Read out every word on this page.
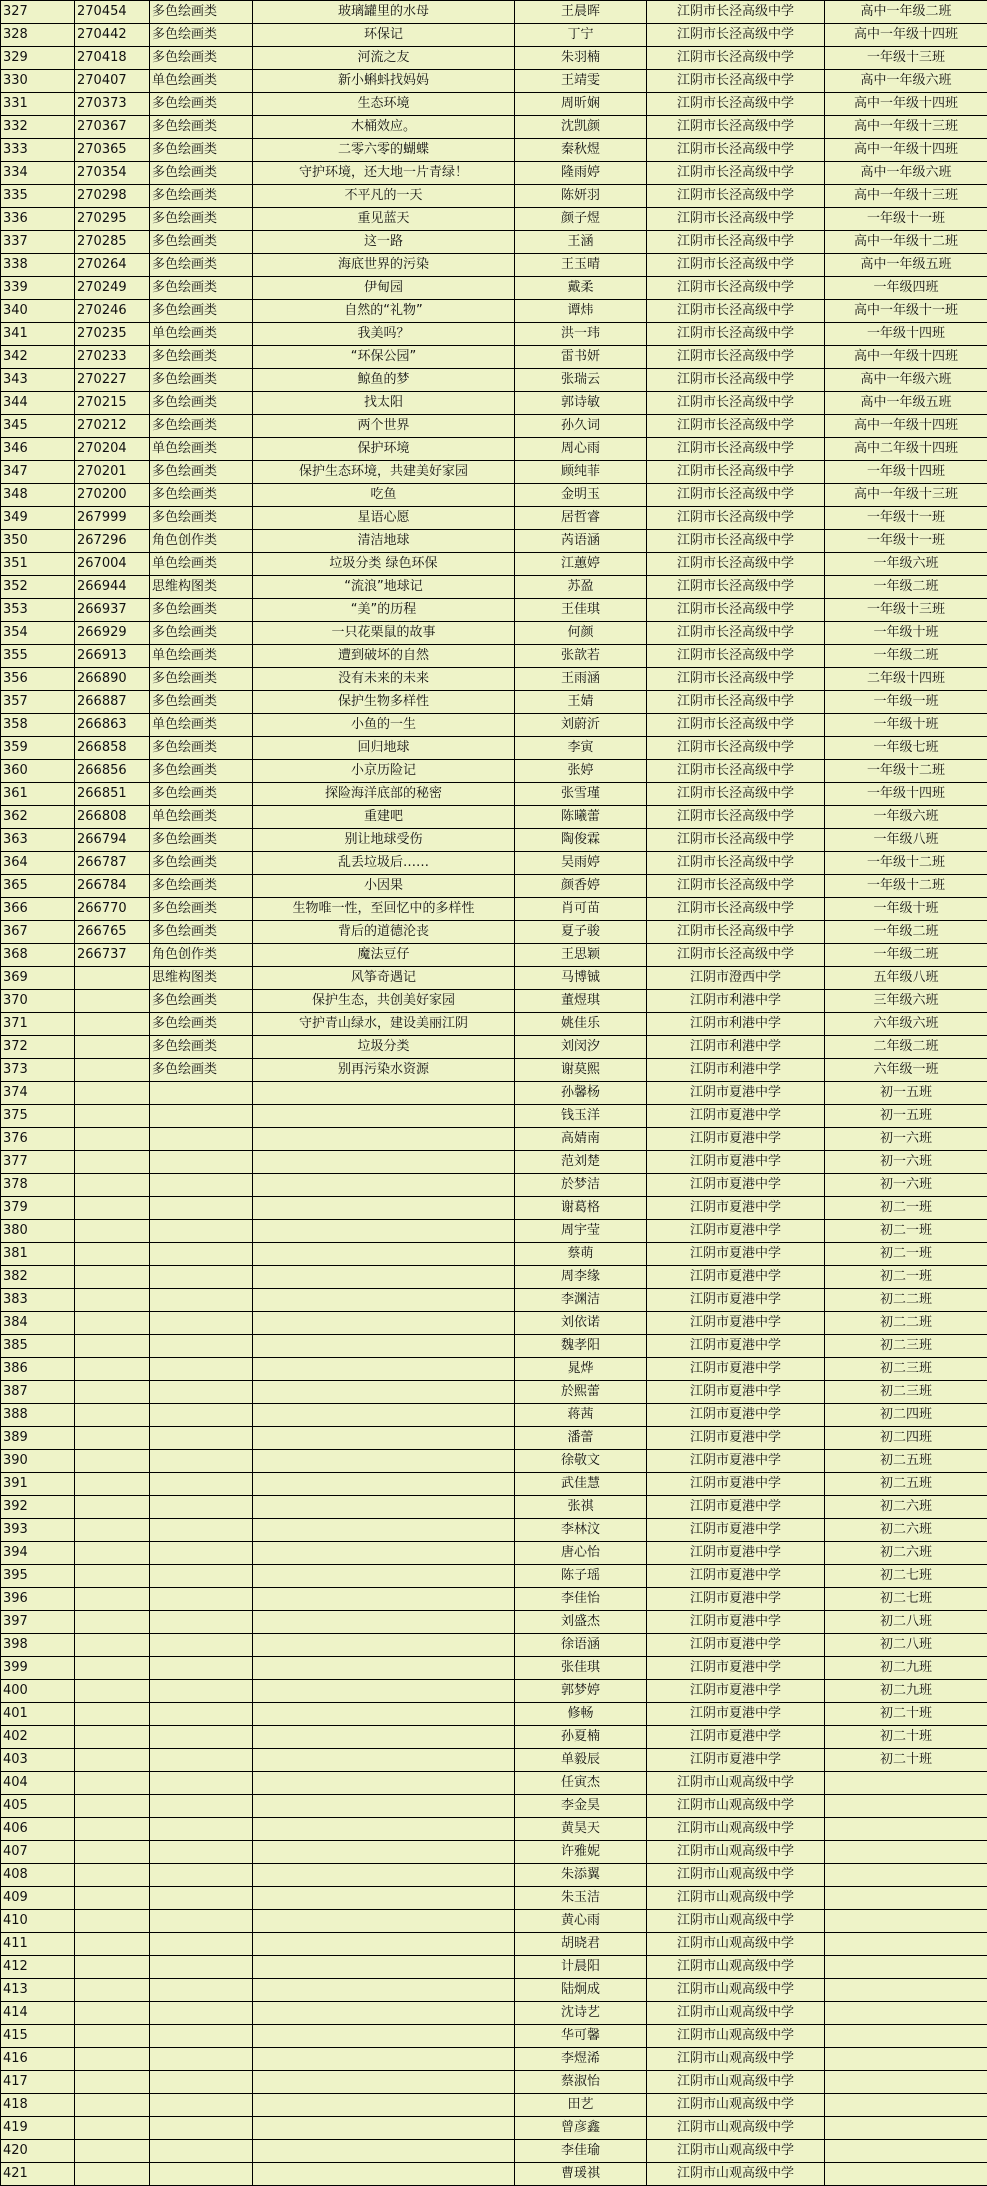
327	270454	多色绘画类	玻璃罐里的水母	王晨晖	江阴市长泾高级中学	高中一年级二班
328	270442	多色绘画类	环保记	丁宁	江阴市长泾高级中学	高中一年级十四班
329	270418	多色绘画类	河流之友	朱羽楠	江阴市长泾高级中学	一年级十三班
330	270407	单色绘画类	新小蝌蚪找妈妈	王靖雯	江阴市长泾高级中学	高中一年级六班
331	270373	多色绘画类	生态环境	周昕娴	江阴市长泾高级中学	高中一年级十四班
332	270367	多色绘画类	木桶效应。	沈凯颜	江阴市长泾高级中学	高中一年级十三班
333	270365	多色绘画类	二零六零的蝴蝶	秦秋煜	江阴市长泾高级中学	高中一年级十四班
334	270354	多色绘画类	守护环境，还大地一片青绿！	隆雨婷	江阴市长泾高级中学	高中一年级六班
335	270298	多色绘画类	不平凡的一天	陈妍羽	江阴市长泾高级中学	高中一年级十三班
336	270295	多色绘画类	重见蓝天	颜子煜	江阴市长泾高级中学	一年级十一班
337	270285	多色绘画类	这一路	王涵	江阴市长泾高级中学	高中一年级十二班
338	270264	多色绘画类	海底世界的污染	王玉晴	江阴市长泾高级中学	高中一年级五班
339	270249	多色绘画类	伊甸园	戴柔	江阴市长泾高级中学	一年级四班
340	270246	多色绘画类	自然的“礼物”	谭炜	江阴市长泾高级中学	高中一年级十一班
341	270235	单色绘画类	我美吗？	洪一玮	江阴市长泾高级中学	一年级十四班
342	270233	多色绘画类	“环保公园”	雷书妍	江阴市长泾高级中学	高中一年级十四班
343	270227	多色绘画类	鲸鱼的梦	张瑞云	江阴市长泾高级中学	高中一年级六班
344	270215	多色绘画类	找太阳	郭诗敏	江阴市长泾高级中学	高中一年级五班
345	270212	多色绘画类	两个世界	孙久词	江阴市长泾高级中学	高中一年级十四班
346	270204	单色绘画类	保护环境	周心雨	江阴市长泾高级中学	高中二年级十四班
347	270201	多色绘画类	保护生态环境，共建美好家园	顾纯菲	江阴市长泾高级中学	一年级十四班
348	270200	多色绘画类	吃鱼	金明玉	江阴市长泾高级中学	高中一年级十三班
349	267999	多色绘画类	星语心愿	居哲睿	江阴市长泾高级中学	一年级十一班
350	267296	角色创作类	清洁地球	芮语涵	江阴市长泾高级中学	一年级十一班
351	267004	单色绘画类	垃圾分类 绿色环保	江蕙婷	江阴市长泾高级中学	一年级六班
352	266944	思维构图类	“流浪”地球记	苏盈	江阴市长泾高级中学	一年级二班
353	266937	多色绘画类	“美”的历程	王佳琪	江阴市长泾高级中学	一年级十三班
354	266929	多色绘画类	一只花栗鼠的故事	何颜	江阴市长泾高级中学	一年级十班
355	266913	单色绘画类	遭到破坏的自然	张歆若	江阴市长泾高级中学	一年级二班
356	266890	多色绘画类	没有未来的未来	王雨涵	江阴市长泾高级中学	二年级十四班
357	266887	多色绘画类	保护生物多样性	王婧	江阴市长泾高级中学	一年级一班
358	266863	单色绘画类	小鱼的一生	刘蔚沂	江阴市长泾高级中学	一年级十班
359	266858	多色绘画类	回归地球	李寅	江阴市长泾高级中学	一年级七班
360	266856	多色绘画类	小京历险记	张婷	江阴市长泾高级中学	一年级十二班
361	266851	多色绘画类	探险海洋底部的秘密	张雪瑾	江阴市长泾高级中学	一年级十四班
362	266808	单色绘画类	重建吧	陈曦蕾	江阴市长泾高级中学	一年级六班
363	266794	多色绘画类	别让地球受伤	陶俊霖	江阴市长泾高级中学	一年级八班
364	266787	多色绘画类	乱丢垃圾后……	吴雨婷	江阴市长泾高级中学	一年级十二班
365	266784	多色绘画类	小因果	颜香婷	江阴市长泾高级中学	一年级十二班
366	266770	多色绘画类	生物唯一性，至回忆中的多样性	肖可苗	江阴市长泾高级中学	一年级十班
367	266765	多色绘画类	背后的道德沦丧	夏子骏	江阴市长泾高级中学	一年级二班
368	266737	角色创作类	魔法豆仔	王思颖	江阴市长泾高级中学	一年级二班
369		思维构图类	风筝奇遇记	马博铖	江阴市澄西中学	五年级八班
370		多色绘画类	保护生态，共创美好家园	董煜琪	江阴市利港中学	三年级六班
371		多色绘画类	守护青山绿水，建设美丽江阴	姚佳乐	江阴市利港中学	六年级六班
372		多色绘画类	垃圾分类	刘闵汐	江阴市利港中学	二年级二班
373		多色绘画类	别再污染水资源	谢莫熙	江阴市利港中学	六年级一班
374				孙馨杨	江阴市夏港中学	初一五班
375				钱玉洋	江阴市夏港中学	初一五班
376				高婧南	江阴市夏港中学	初一六班
377				范刘楚	江阴市夏港中学	初一六班
378				於梦洁	江阴市夏港中学	初一六班
379				谢葛格	江阴市夏港中学	初二一班
380				周宇莹	江阴市夏港中学	初二一班
381				蔡萌	江阴市夏港中学	初二一班
382				周李缘	江阴市夏港中学	初二一班
383				李渊洁	江阴市夏港中学	初二二班
384				刘依诺	江阴市夏港中学	初二二班
385				魏孝阳	江阴市夏港中学	初二三班
386				晁烨	江阴市夏港中学	初二三班
387				於熙蕾	江阴市夏港中学	初二三班
388				蒋茜	江阴市夏港中学	初二四班
389				潘蕾	江阴市夏港中学	初二四班
390				徐敬文	江阴市夏港中学	初二五班
391				武佳慧	江阴市夏港中学	初二五班
392				张祺	江阴市夏港中学	初二六班
393				李林汶	江阴市夏港中学	初二六班
394				唐心怡	江阴市夏港中学	初二六班
395				陈子瑶	江阴市夏港中学	初二七班
396				李佳怡	江阴市夏港中学	初二七班
397				刘盛杰	江阴市夏港中学	初二八班
398				徐语涵	江阴市夏港中学	初二八班
399				张佳琪	江阴市夏港中学	初二九班
400				郭梦婷	江阴市夏港中学	初二九班
401				修畅	江阴市夏港中学	初二十班
402				孙夏楠	江阴市夏港中学	初二十班
403				单毅辰	江阴市夏港中学	初二十班
404				任寅杰	江阴市山观高级中学	
405				李金昊	江阴市山观高级中学	
406				黄昊天	江阴市山观高级中学	
407				许雅妮	江阴市山观高级中学	
408				朱添翼	江阴市山观高级中学	
409				朱玉洁	江阴市山观高级中学	
410				黄心雨	江阴市山观高级中学	
411				胡晓君	江阴市山观高级中学	
412				计晨阳	江阴市山观高级中学	
413				陆炯成	江阴市山观高级中学	
414				沈诗艺	江阴市山观高级中学	
415				华可馨	江阴市山观高级中学	
416				李煜浠	江阴市山观高级中学	
417				蔡淑怡	江阴市山观高级中学	
418				田艺	江阴市山观高级中学	
419				曾彦鑫	江阴市山观高级中学	
420				李佳瑜	江阴市山观高级中学	
421				曹瑗祺	江阴市山观高级中学	
